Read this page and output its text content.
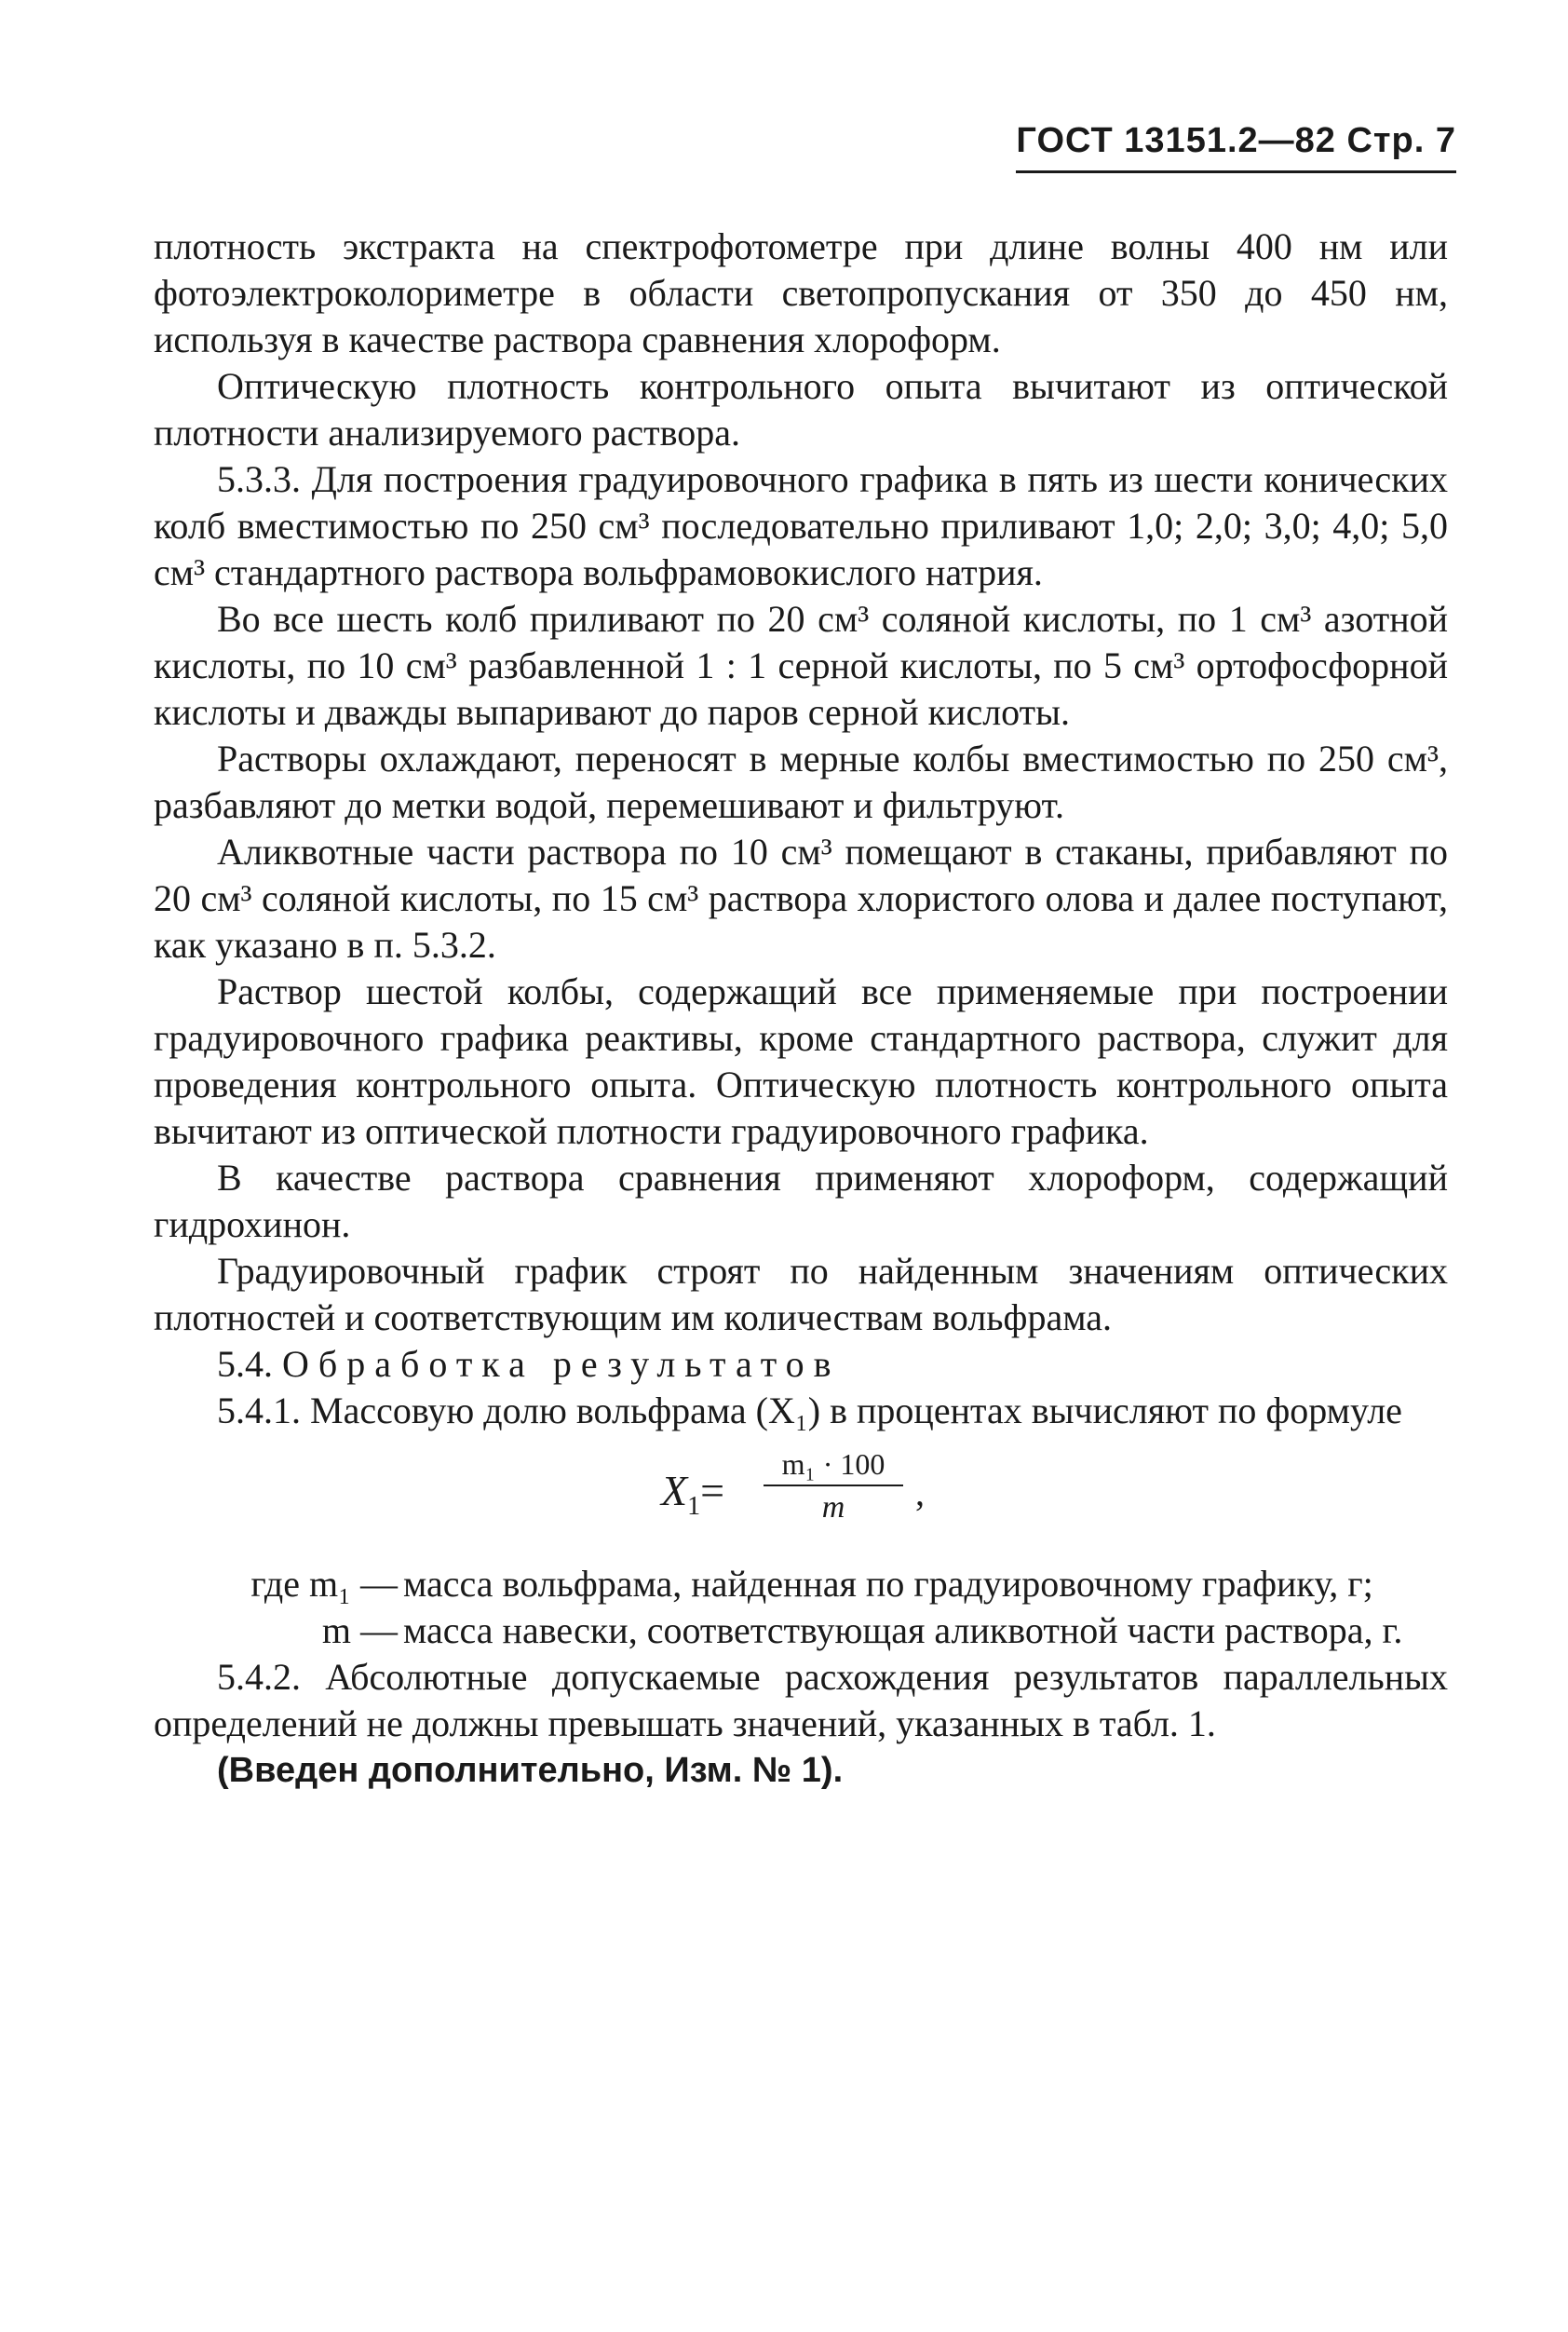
ГОСТ 13151.2—82 Стр. 7

плотность экстракта на спектрофотометре при длине волны 400 нм или фотоэлектроколориметре в области светопропускания от 350 до 450 нм, используя в качестве раствора сравнения хлороформ.

Оптическую плотность контрольного опыта вычитают из оптической плотности анализируемого раствора.

5.3.3. Для построения градуировочного графика в пять из шести конических колб вместимостью по 250 см³ последовательно приливают 1,0; 2,0; 3,0; 4,0; 5,0 см³ стандартного раствора вольфрамовокислого натрия.

Во все шесть колб приливают по 20 см³ соляной кислоты, по 1 см³ азотной кислоты, по 10 см³ разбавленной 1 : 1 серной кислоты, по 5 см³ ортофосфорной кислоты и дважды выпаривают до паров серной кислоты.

Растворы охлаждают, переносят в мерные колбы вместимостью по 250 см³, разбавляют до метки водой, перемешивают и фильтруют.

Аликвотные части раствора по 10 см³ помещают в стаканы, прибавляют по 20 см³ соляной кислоты, по 15 см³ раствора хлористого олова и далее поступают, как указано в п. 5.3.2.

Раствор шестой колбы, содержащий все применяемые при построении градуировочного графика реактивы, кроме стандартного раствора, служит для проведения контрольного опыта. Оптическую плотность контрольного опыта вычитают из оптической плотности градуировочного графика.

В качестве раствора сравнения применяют хлороформ, содержащий гидрохинон.

Градуировочный график строят по найденным значениям оптических плотностей и соответствующим им количествам вольфрама.

5.4. Обработка результатов

5.4.1. Массовую долю вольфрама (X₁) в процентах вычисляют по формуле

$X_1= \frac{\text{m₁ · 100}}{m}$ ,
где m₁ — масса вольфрама, найденная по градуировочному графику, г;
m — масса навески, соответствующая аликвотной части раствора, г.

5.4.2. Абсолютные допускаемые расхождения результатов параллельных определений не должны превышать значений, указанных в табл. 1.

(Введен дополнительно, Изм. № 1).
